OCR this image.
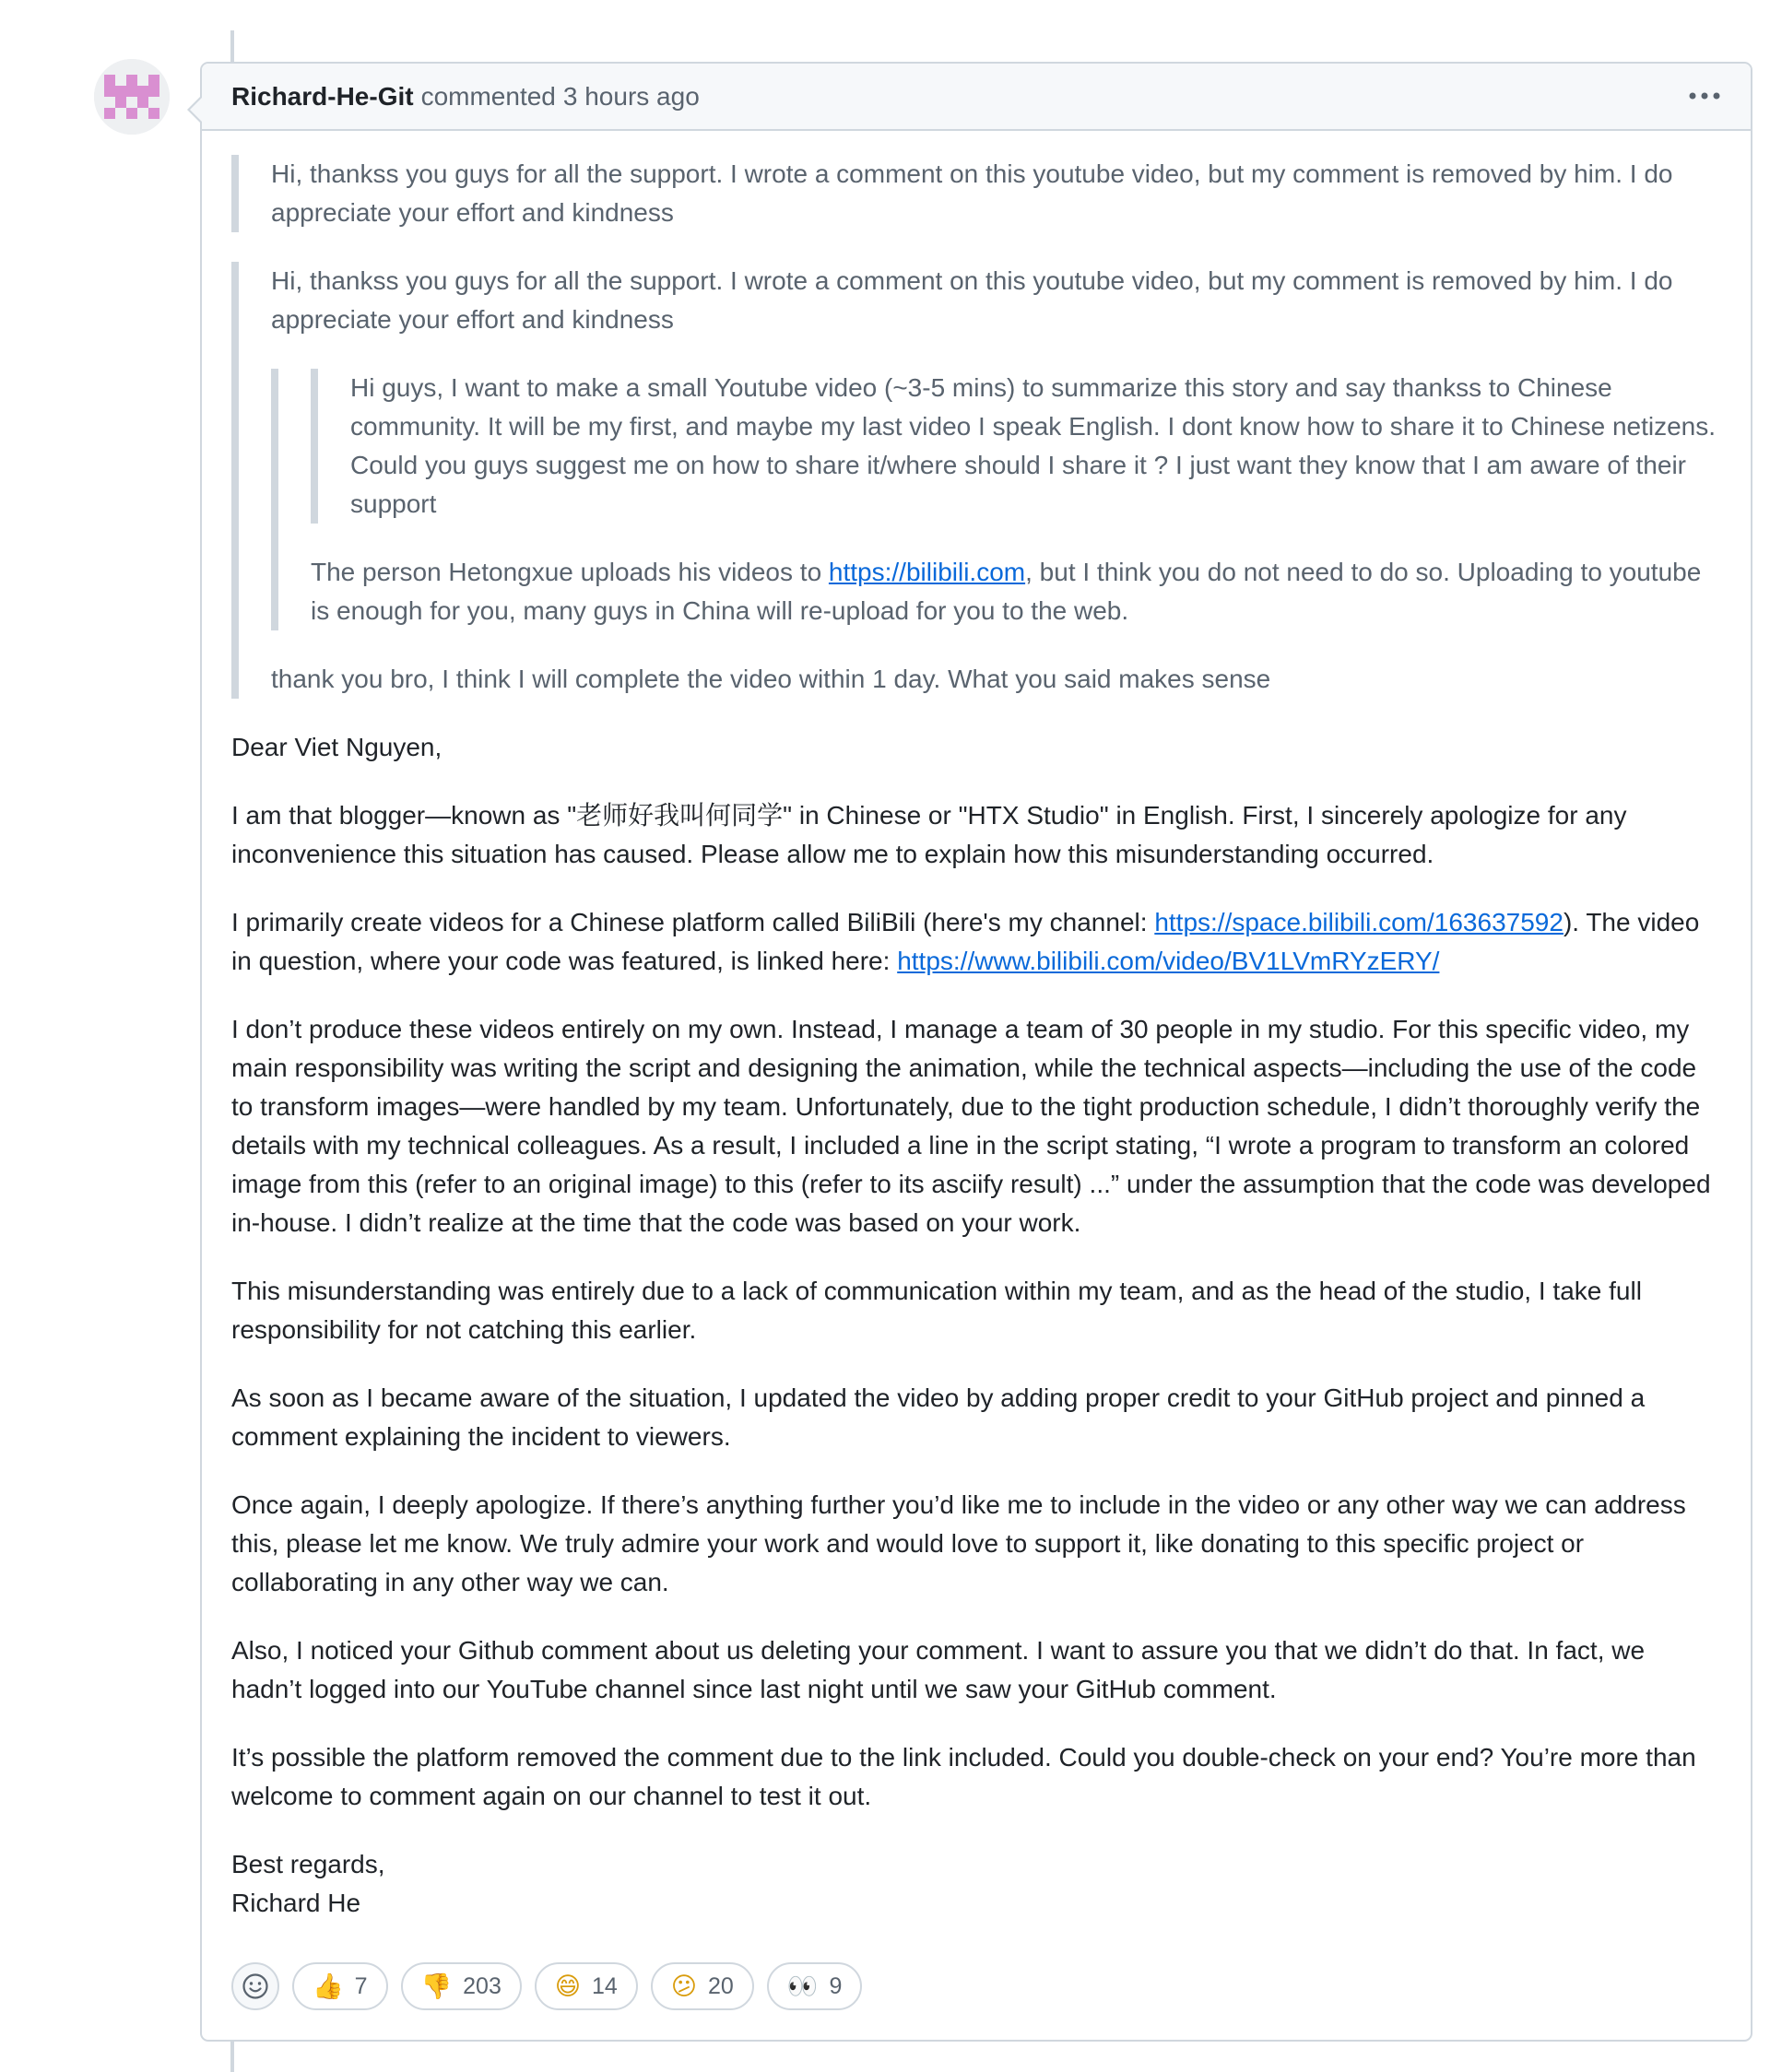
Richard-He-Git commented 3 hours ago

Hi, thankss you guys for all the support. I wrote a comment on this youtube video, but my comment is removed by him. I do appreciate your effort and kindness

Hi, thankss you guys for all the support. I wrote a comment on this youtube video, but my comment is removed by him. I do appreciate your effort and kindness

Hi guys, I want to make a small Youtube video (~3-5 mins) to summarize this story and say thankss to Chinese community. It will be my first, and maybe my last video I speak English. I dont know how to share it to Chinese netizens. Could you guys suggest me on how to share it/where should I share it ? I just want they know that I am aware of their support

The person Hetongxue uploads his videos to https://bilibili.com, but I think you do not need to do so. Uploading to youtube is enough for you, many guys in China will re-upload for you to the web.

thank you bro, I think I will complete the video within 1 day. What you said makes sense

Dear Viet Nguyen,

I am that blogger—known as "老师好我叫何同学" in Chinese or "HTX Studio" in English. First, I sincerely apologize for any inconvenience this situation has caused. Please allow me to explain how this misunderstanding occurred.

I primarily create videos for a Chinese platform called BiliBili (here's my channel: https://space.bilibili.com/163637592). The video in question, where your code was featured, is linked here: https://www.bilibili.com/video/BV1LVmRYzERY/

I don’t produce these videos entirely on my own. Instead, I manage a team of 30 people in my studio. For this specific video, my main responsibility was writing the script and designing the animation, while the technical aspects—including the use of the code to transform images—were handled by my team. Unfortunately, due to the tight production schedule, I didn’t thoroughly verify the details with my technical colleagues. As a result, I included a line in the script stating, “I wrote a program to transform an colored image from this (refer to an original image) to this (refer to its asciify result) ...” under the assumption that the code was developed in-house. I didn’t realize at the time that the code was based on your work.

This misunderstanding was entirely due to a lack of communication within my team, and as the head of the studio, I take full responsibility for not catching this earlier.

As soon as I became aware of the situation, I updated the video by adding proper credit to your GitHub project and pinned a comment explaining the incident to viewers.

Once again, I deeply apologize. If there’s anything further you’d like me to include in the video or any other way we can address this, please let me know. We truly admire your work and would love to support it, like donating to this specific project or collaborating in any other way we can.

Also, I noticed your Github comment about us deleting your comment. I want to assure you that we didn’t do that. In fact, we hadn’t logged into our YouTube channel since last night until we saw your GitHub comment.

It’s possible the platform removed the comment due to the link included. Could you double-check on your end? You’re more than welcome to comment again on our channel to test it out.

Best regards,
Richard He

👍 7 👎 203 😄 14 😕 20 👀 9
